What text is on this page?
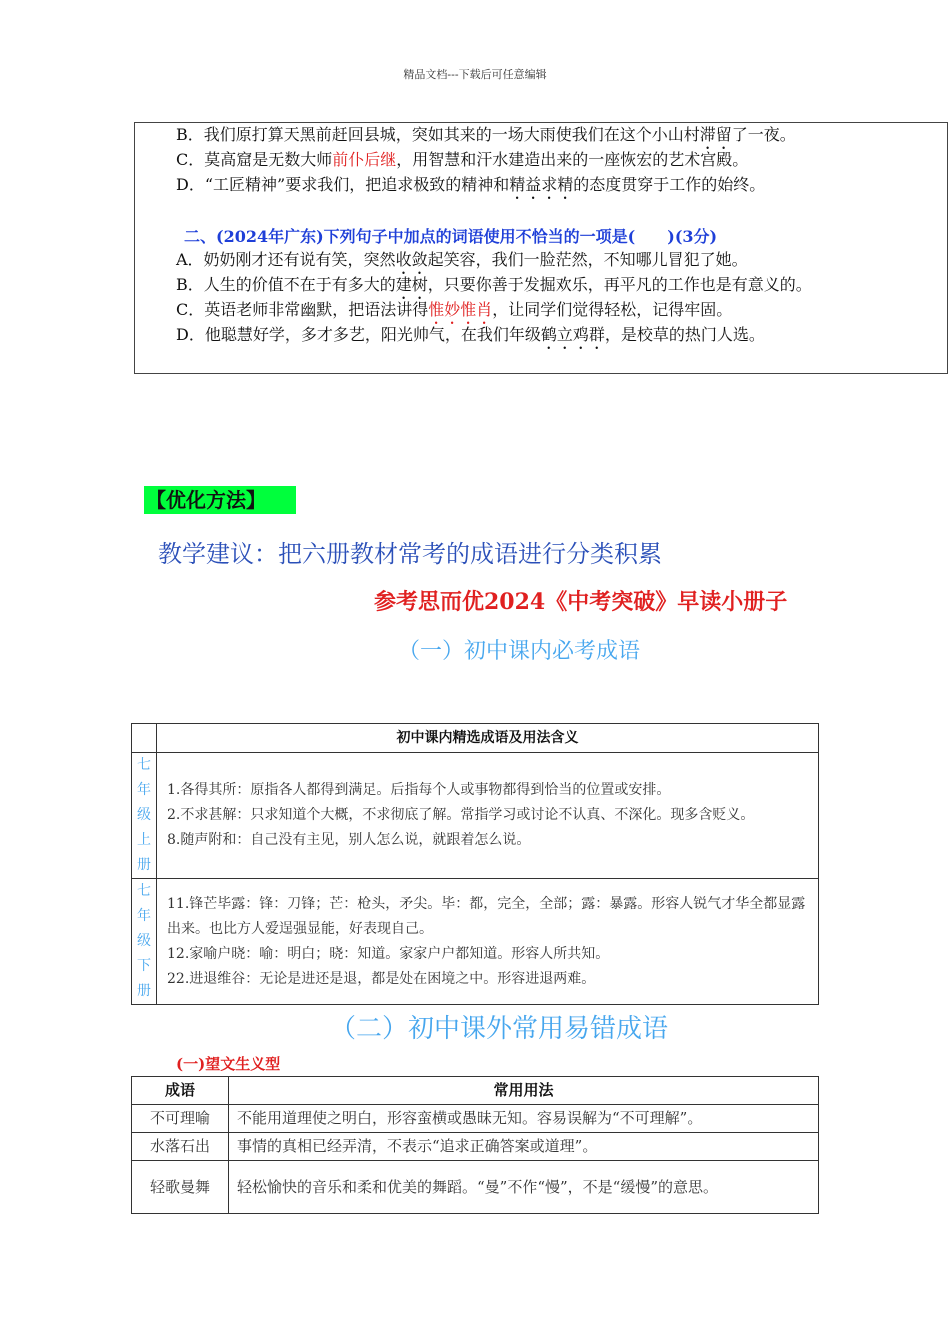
精品文档---下载后可任意编辑
B．我们原打算天黑前赶回县城，突如其来的一场大雨使我们在这个小山村滞留了一夜。
C．莫高窟是无数大师前仆后继，用智慧和汗水建造出来的一座恢宏的艺术宫殿。
D．“工匠精神”要求我们，把追求极致的精神和精益求精的态度贯穿于工作的始终。
二、(2024年广东)下列句子中加点的词语使用不恰当的一项是(　　)(3分)
A．奶奶刚才还有说有笑，突然收敛起笑容，我们一脸茫然，不知哪儿冒犯了她。
B．人生的价值不在于有多大的建树，只要你善于发掘欢乐，再平凡的工作也是有意义的。
C．英语老师非常幽默，把语法讲得惟妙惟肖，让同学们觉得轻松，记得牢固。
D．他聪慧好学，多才多艺，阳光帅气，在我们年级鹤立鸡群，是校草的热门人选。
【优化方法】
教学建议：把六册教材常考的成语进行分类积累
参考思而优2024《中考突破》早读小册子
（一）初中课内必考成语
	初中课内精选成语及用法含义

七年级上册	1.各得其所：原指各人都得到满足。后指每个人或事物都得到恰当的位置或安排。
2.不求甚解：只求知道个大概，不求彻底了解。常指学习或讨论不认真、不深化。现多含贬义。
8.随声附和：自己没有主见，别人怎么说，就跟着怎么说。

七年级下册	11.锋芒毕露：锋：刀锋；芒：枪头，矛尖。毕：都，完全，全部；露：暴露。形容人锐气才华全都显露出来。也比方人爱逞强显能，好表现自己。
12.家喻户晓：喻：明白；晓：知道。家家户户都知道。形容人所共知。
22.进退维谷：无论是进还是退，都是处在困境之中。形容进退两难。
（二）初中课外常用易错成语
(一)望文生义型
成语	常用用法
不可理喻	不能用道理使之明白，形容蛮横或愚昧无知。容易误解为“不可理解”。
水落石出	事情的真相已经弄清，不表示“追求正确答案或道理”。
轻歌曼舞	轻松愉快的音乐和柔和优美的舞蹈。“曼”不作“慢”，不是“缓慢”的意思。
